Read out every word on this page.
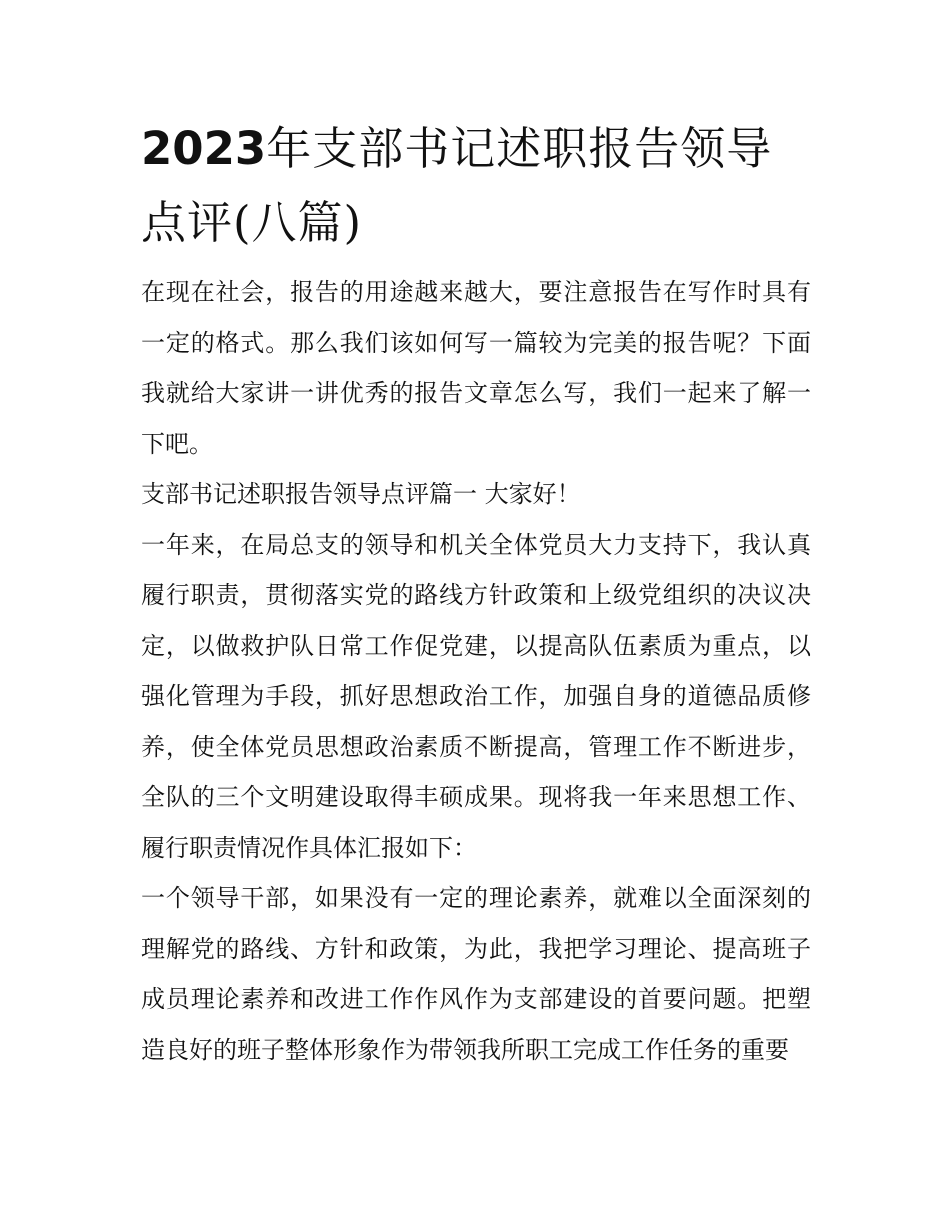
2023年支部书记述职报告领导点评(八篇)

在现在社会，报告的用途越来越大，要注意报告在写作时具有一定的格式。那么我们该如何写一篇较为完美的报告呢？下面我就给大家讲一讲优秀的报告文章怎么写，我们一起来了解一下吧。

支部书记述职报告领导点评篇一 大家好！

一年来，在局总支的领导和机关全体党员大力支持下，我认真履行职责，贯彻落实党的路线方针政策和上级党组织的决议决定，以做救护队日常工作促党建，以提高队伍素质为重点，以强化管理为手段，抓好思想政治工作，加强自身的道德品质修养，使全体党员思想政治素质不断提高，管理工作不断进步，全队的三个文明建设取得丰硕成果。现将我一年来思想工作、履行职责情况作具体汇报如下：

一个领导干部，如果没有一定的理论素养，就难以全面深刻的理解党的路线、方针和政策，为此，我把学习理论、提高班子成员理论素养和改进工作作风作为支部建设的首要问题。把塑造良好的班子整体形象作为带领我所职工完成工作任务的重要
